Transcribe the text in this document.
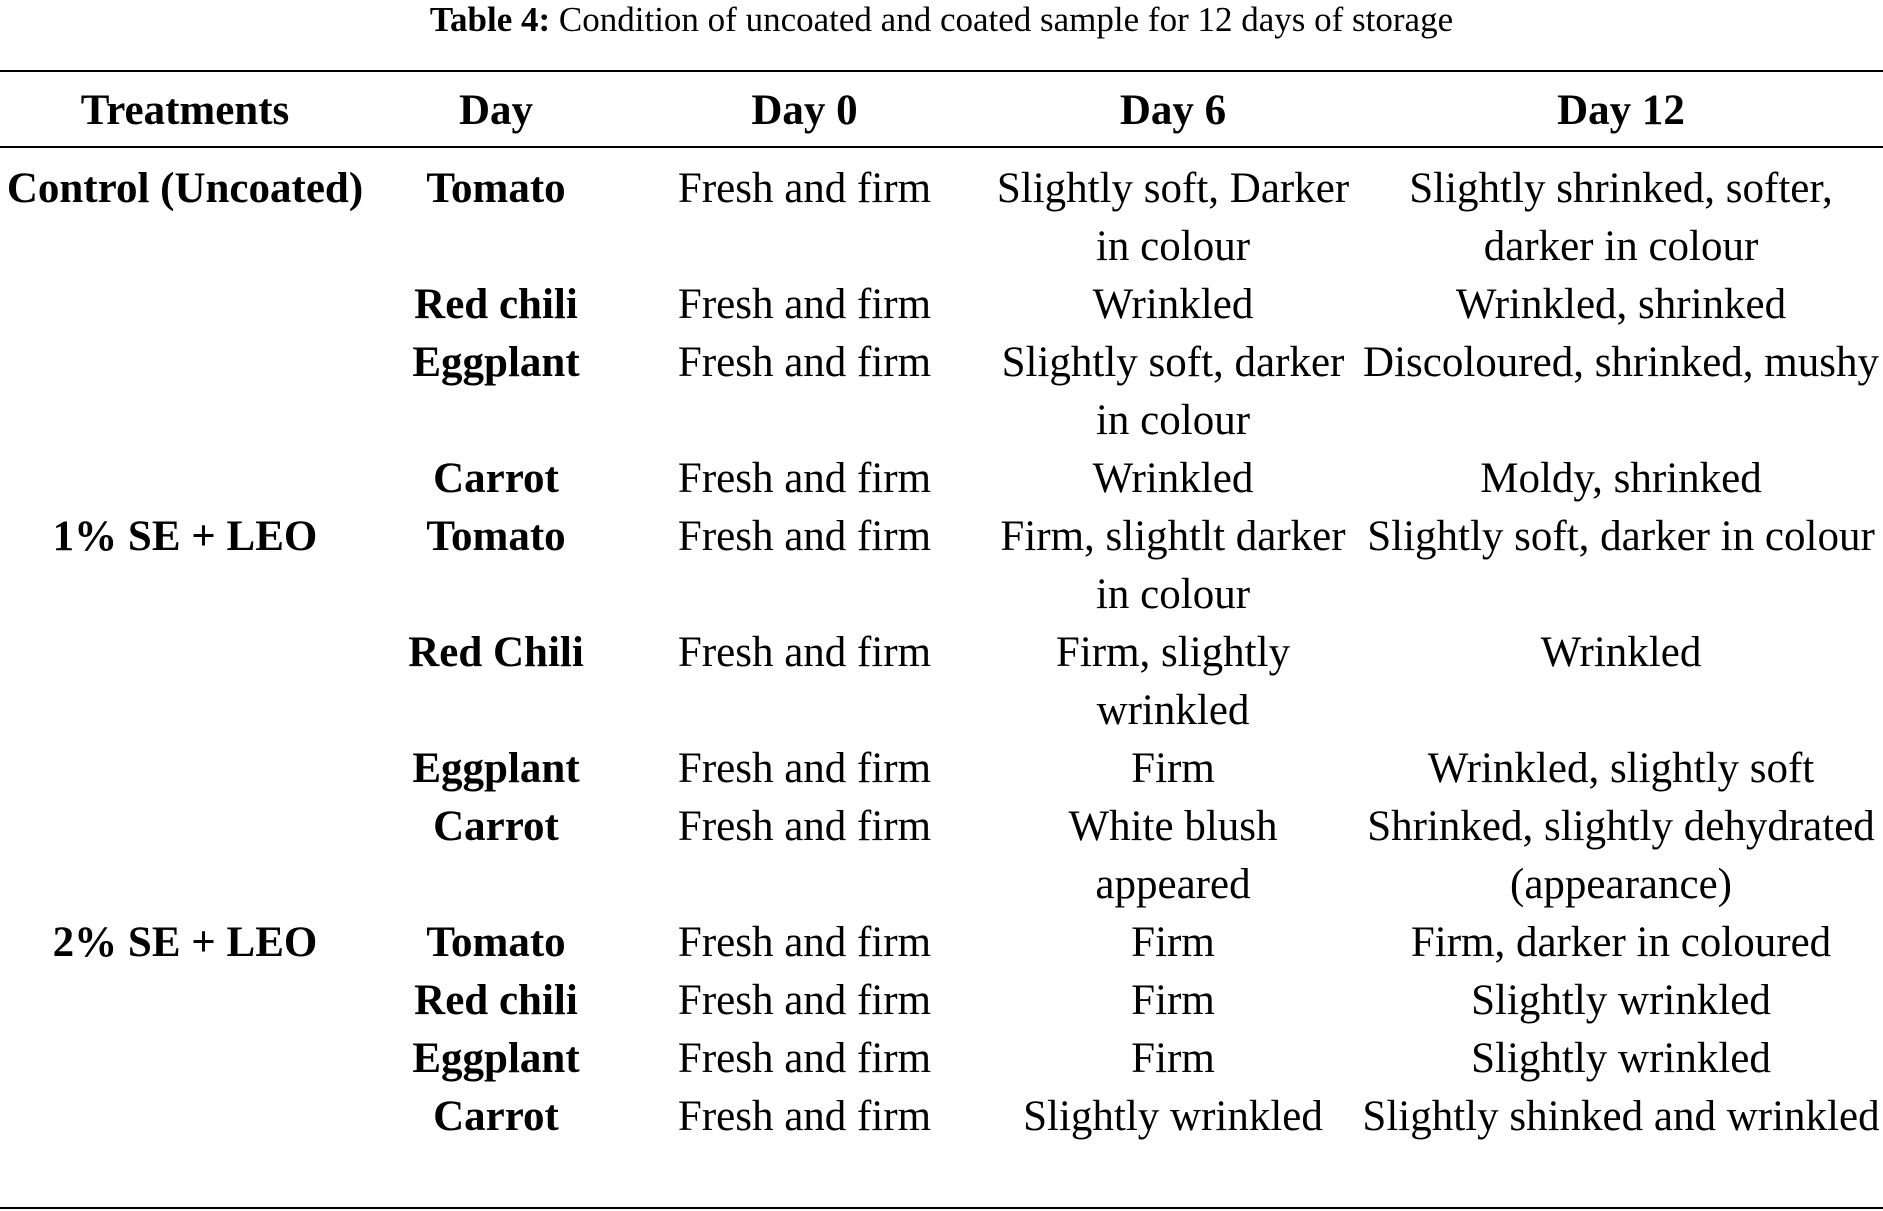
Table 4: Condition of uncoated and coated sample for 12 days of storage
Treatments	Day	Day 0	Day 6	Day 12
Control (Uncoated)	Tomato	Fresh and firm	Slightly soft, Darker in colour	Slightly shrinked, softer, darker in colour
	Red chili	Fresh and firm	Wrinkled	Wrinkled, shrinked
	Eggplant	Fresh and firm	Slightly soft, darker in colour	Discoloured, shrinked, mushy
	Carrot	Fresh and firm	Wrinkled	Moldy, shrinked
1% SE + LEO	Tomato	Fresh and firm	Firm, slightlt darker in colour	Slightly soft, darker in colour
	Red Chili	Fresh and firm	Firm, slightly wrinkled	Wrinkled
	Eggplant	Fresh and firm	Firm	Wrinkled, slightly soft
	Carrot	Fresh and firm	White blush appeared	Shrinked, slightly dehydrated (appearance)
2% SE + LEO	Tomato	Fresh and firm	Firm	Firm, darker in coloured
	Red chili	Fresh and firm	Firm	Slightly wrinkled
	Eggplant	Fresh and firm	Firm	Slightly wrinkled
	Carrot	Fresh and firm	Slightly wrinkled	Slightly shinked and wrinkled
